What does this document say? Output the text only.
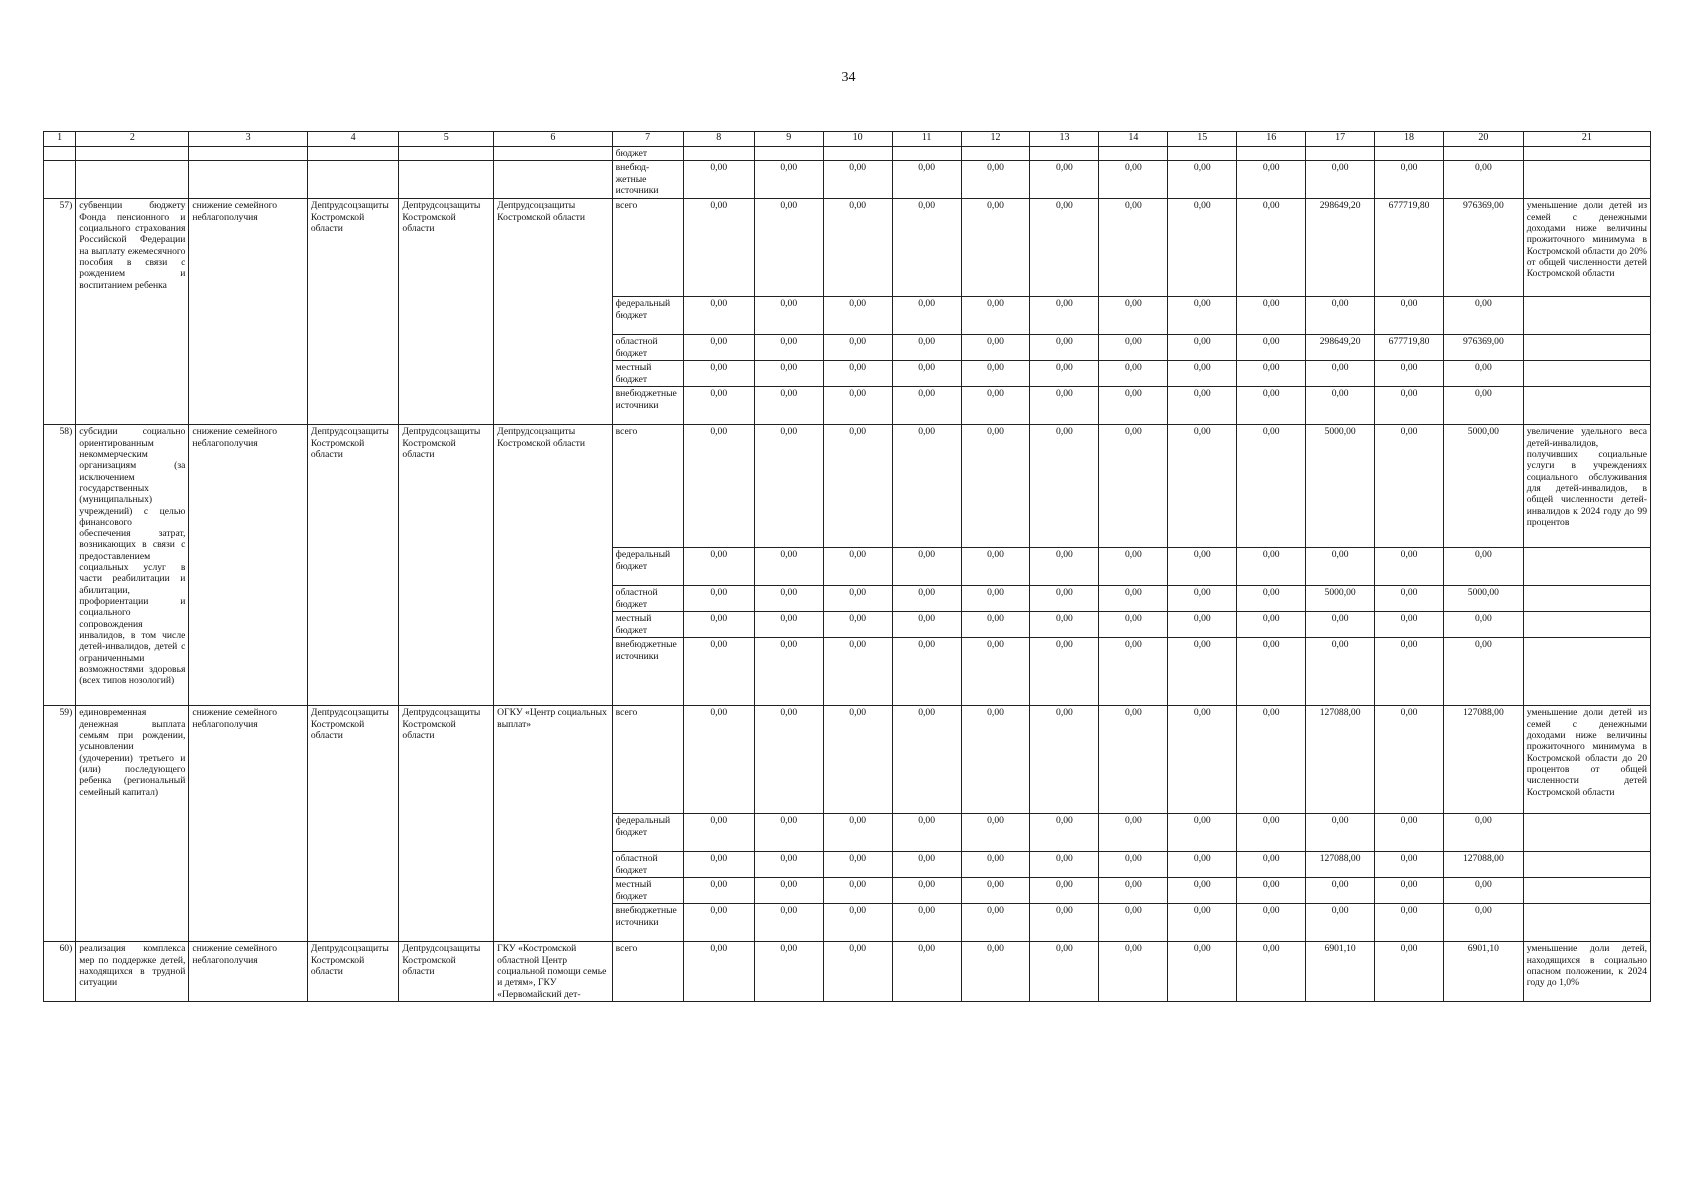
34
1	2	3	4	5	6	7	8	9	10	11	12	13	14	15	16	17	18	20	21
						бюджет													
						внебюд-жетные источники	0,00	0,00	0,00	0,00	0,00	0,00	0,00	0,00	0,00	0,00	0,00	0,00	
57)	субвенции бюджету Фонда пенсионного и социального страхования Российской Федерации на выплату ежемесячного пособия в связи с рождением и воспитанием ребенка	снижение семейного неблагополучия	Депtрудсоцзащиты Костромской области	Депtрудсоцзащиты Костромской области	Депtрудсоцзащиты Костромской области	всего	0,00	0,00	0,00	0,00	0,00	0,00	0,00	0,00	0,00	298649,20	677719,80	976369,00	уменьшение доли детей из семей с денежными доходами ниже величины прожиточного минимума в Костромской области до 20% от общей численности детей Костромской области
						федеральный бюджет	0,00	0,00	0,00	0,00	0,00	0,00	0,00	0,00	0,00	0,00	0,00	0,00	
						областной бюджет	0,00	0,00	0,00	0,00	0,00	0,00	0,00	0,00	0,00	298649,20	677719,80	976369,00	
						местный бюджет	0,00	0,00	0,00	0,00	0,00	0,00	0,00	0,00	0,00	0,00	0,00	0,00	
						внебюджетные источники	0,00	0,00	0,00	0,00	0,00	0,00	0,00	0,00	0,00	0,00	0,00	0,00	
58)	субсидии социально ориентированным некоммерческим организациям (за исключением государственных (муниципальных) учреждений) с целью финансового обеспечения затрат, возникающих в связи с предоставлением социальных услуг в части реабилитации и абилитации, профориентации и социального сопровождения инвалидов, в том числе детей-инвалидов, детей с ограниченными возможностями здоровья (всех типов нозологий)	снижение семейного неблагополучия	Депtрудсоцзащиты Костромской области	Депtрудсоцзащиты Костромской области	Депtрудсоцзащиты Костромской области	всего	0,00	0,00	0,00	0,00	0,00	0,00	0,00	0,00	0,00	5000,00	0,00	5000,00	увеличение удельного веса детей-инвалидов, получивших социальные услуги в учреждениях социального обслуживания для детей-инвалидов, в общей численности детей-инвалидов к 2024 году до 99 процентов
						федеральный бюджет	0,00	0,00	0,00	0,00	0,00	0,00	0,00	0,00	0,00	0,00	0,00	0,00	
						областной бюджет	0,00	0,00	0,00	0,00	0,00	0,00	0,00	0,00	0,00	5000,00	0,00	5000,00	
						местный бюджет	0,00	0,00	0,00	0,00	0,00	0,00	0,00	0,00	0,00	0,00	0,00	0,00	
						внебюджетные источники	0,00	0,00	0,00	0,00	0,00	0,00	0,00	0,00	0,00	0,00	0,00	0,00	
59)	единовременная денежная выплата семьям при рождении, усыновлении (удочерении) третьего и (или) последующего ребенка (региональный семейный капитал)	снижение семейного неблагополучия	Депtрудсоцзащиты Костромской области	Депtрудсоцзащиты Костромской области	ОГКУ «Центр социальных выплат»	всего	0,00	0,00	0,00	0,00	0,00	0,00	0,00	0,00	0,00	127088,00	0,00	127088,00	уменьшение доли детей из семей с денежными доходами ниже величины прожиточного минимума в Костромской области до 20 процентов от общей численности детей Костромской области
						федеральный бюджет	0,00	0,00	0,00	0,00	0,00	0,00	0,00	0,00	0,00	0,00	0,00	0,00	
						областной бюджет	0,00	0,00	0,00	0,00	0,00	0,00	0,00	0,00	0,00	127088,00	0,00	127088,00	
						местный бюджет	0,00	0,00	0,00	0,00	0,00	0,00	0,00	0,00	0,00	0,00	0,00	0,00	
						внебюджетные источники	0,00	0,00	0,00	0,00	0,00	0,00	0,00	0,00	0,00	0,00	0,00	0,00	
60)	реализация комплекса мер по поддержке детей, находящихся в трудной ситуации	снижение семейного неблагополучия	Депtрудсоцзащиты Костромской области	Депtрудсоцзащиты Костромской области	ГКУ «Костромской областной Центр социальной помощи семье и детям», ГКУ «Первомайский дет-	всего	0,00	0,00	0,00	0,00	0,00	0,00	0,00	0,00	0,00	6901,10	0,00	6901,10	уменьшение доли детей, находящихся в социально опасном положении, к 2024 году до 1,0%
